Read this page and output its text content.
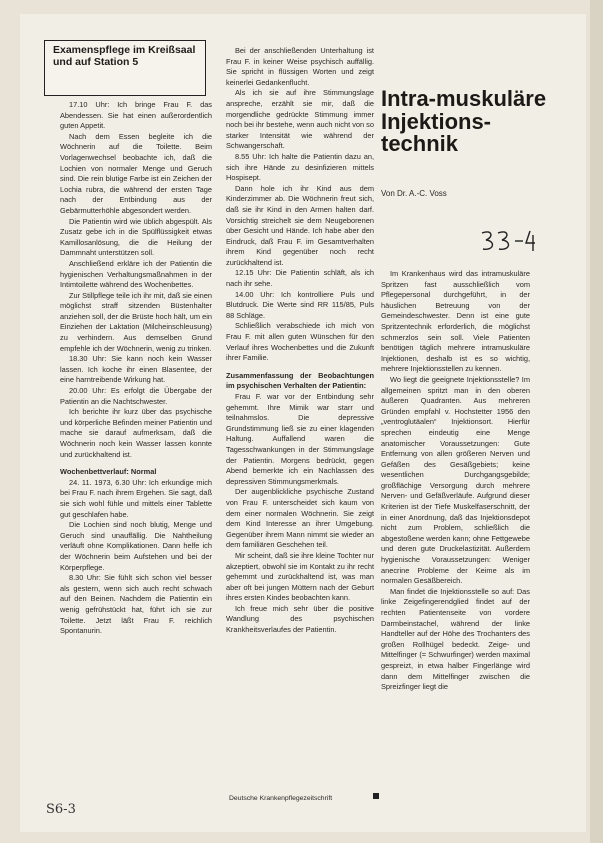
Examenspflege im Kreißsaal und auf Station 5

17.10 Uhr: Ich bringe Frau F. das Abendessen. Sie hat einen außerordentlich guten Appetit.

Nach dem Essen begleite ich die Wöchnerin auf die Toilette. Beim Vorlagenwechsel beobachte ich, daß die Lochien von normaler Menge und Geruch sind. Die rein blutige Farbe ist ein Zeichen der Lochia rubra, die während der ersten Tage nach der Entbindung aus der Gebärmutterhöhle abgesondert werden.

Die Patientin wird wie üblich abgespült. Als Zusatz gebe ich in die Spülflüssigkeit etwas Kamillosanlösung, die die Heilung der Dammnaht unterstützen soll.

Anschließend erkläre ich der Patientin die hygienischen Verhaltungsmaßnahmen in der Intimtoilette während des Wochenbettes.

Zur Stillpflege teile ich ihr mit, daß sie einen möglichst straff sitzenden Büstenhalter anziehen soll, der die Brüste hoch hält, um ein Einziehen der Laktation (Milcheinschleusung) zu verhindern. Aus demselben Grund empfehle ich der Wöchnerin, wenig zu trinken.

18.30 Uhr: Sie kann noch kein Wasser lassen. Ich koche ihr einen Blasentee, der eine harntreibende Wirkung hat.

20.00 Uhr: Es erfolgt die Übergabe der Patientin an die Nachtschwester.

Ich berichte ihr kurz über das psychische und körperliche Befinden meiner Patientin und mache sie darauf aufmerksam, daß die Wöchnerin noch kein Wasser lassen konnte und zurückhaltend ist.

Wochenbettverlauf: Normal

24. 11. 1973, 6.30 Uhr: Ich erkundige mich bei Frau F. nach ihrem Ergehen. Sie sagt, daß sie sich wohl fühle und mittels einer Tablette gut geschlafen habe.

Die Lochien sind noch blutig, Menge und Geruch sind unauffällig. Die Nahtheilung verläuft ohne Komplikationen. Dann helfe ich der Wöchnerin beim Aufstehen und bei der Körperpflege.

8.30 Uhr: Sie fühlt sich schon viel besser als gestern, wenn sich auch recht schwach auf den Beinen. Nachdem die Patientin ein wenig gefrühstückt hat, führt ich sie zur Toilette. Jetzt läßt Frau F. reichlich Spontanurin.

Bei der anschließenden Unterhaltung ist Frau F. in keiner Weise psychisch auffällig. Sie spricht in flüssigen Worten und zeigt keinerlei Gedankenflucht.

Als ich sie auf ihre Stimmungslage anspreche, erzählt sie mir, daß die morgendliche gedrückte Stimmung immer noch bei ihr bestehe, wenn auch nicht von so starker Intensität wie während der Schwangerschaft.

8.55 Uhr: Ich halte die Patientin dazu an, sich ihre Hände zu desinfizieren mittels Hospisept.

Dann hole ich ihr Kind aus dem Kinderzimmer ab. Die Wöchnerin freut sich, daß sie ihr Kind in den Armen halten darf. Vorsichtig streichelt sie dem Neugeborenen über Gesicht und Hände. Ich habe aber den Eindruck, daß Frau F. im Gesamtverhalten ihrem Kind gegenüber noch recht zurückhaltend ist.

12.15 Uhr: Die Patientin schläft, als ich nach ihr sehe.

14.00 Uhr: Ich kontrolliere Puls und Blutdruck. Die Werte sind RR 115/85, Puls 88 Schläge.

Schließlich verabschiede ich mich von Frau F. mit allen guten Wünschen für den Verlauf ihres Wochenbettes und die Zukunft ihrer Familie.

Zusammenfassung der Beobachtungen im psychischen Verhalten der Patientin:

Frau F. war vor der Entbindung sehr gehemmt. Ihre Mimik war starr und teilnahmslos. Die depressive Grundstimmung ließ sie zu einer klagenden Haltung. Auffallend waren die Tagesschwankungen in der Stimmungslage der Patientin. Morgens bedrückt, gegen Abend bemerkte ich ein Nachlassen des depressiven Stimmungsmerkmals.

Der augenblickliche psychische Zustand von Frau F. unterscheidet sich kaum von dem einer normalen Wöchnerin. Sie zeigt dem Kind Interesse an ihrer Umgebung. Gegenüber ihrem Mann nimmt sie wieder an dem familiären Geschehen teil.

Mir scheint, daß sie ihre kleine Tochter nur akzeptiert, obwohl sie im Kontakt zu ihr recht gehemmt und zurückhaltend ist, was man aber oft bei jungen Müttern nach der Geburt ihres ersten Kindes beobachten kann.

Ich freue mich sehr über die positive Wandlung des psychischen Krankheitsverlaufes der Patientin.

Intra-muskuläre Injektions-technik
Von Dr. A.-C. Voss

Im Krankenhaus wird das intramuskuläre Spritzen fast ausschließlich vom Pflegepersonal durchgeführt, in der häuslichen Betreuung von der Gemeindeschwester. Denn ist eine gute Spritzentechnik erforderlich, die möglichst schmerzlos sein soll. Viele Patienten benötigen täglich mehrere intramuskuläre Injektionen, deshalb ist es so wichtig, mehrere Injektionsstellen zu kennen.

Wo liegt die geeignete Injektionsstelle? Im allgemeinen spritzt man in den oberen äußeren Quadranten. Aus mehreren Gründen empfahl v. Hochstetter 1956 den „ventroglutäalen“ Injektionsort. Hierfür sprechen eindeutig eine Menge anatomischer Voraussetzungen: Gute Entfernung von allen größeren Nerven und Gefäßen des Gesäßgebiets; keine wesentlichen Durchgangsgebilde; großflächige Versorgung durch mehrere Nerven- und Gefäßverläufe. Aufgrund dieser Kriterien ist der Tiefe Muskelfaserschnitt, der in einer Anordnung, daß das Injektionsdepot nicht zum Problem, schließlich die abgestoßene werden kann; ohne Fettgewebe und deren gute Druckelastizität. Außerdem hygienische Voraussetzungen: Weniger anecrine Probleme der Keime als im normalen Gesäßbereich.

Man findet die Injektionsstelle so auf: Das linke Zeigefingerendglied findet auf der rechten Patientenseite von vordere Darmbeinstachel, während der linke Handteller auf der Höhe des Trochanters des großen Rollhügel bedeckt. Zeige- und Mittelfinger (= Schwurfinger) werden maximal gespreizt, in etwa halber Fingerlänge wird dann dem Mittelfinger zwischen die Spreizfinger liegt die

S6-3
Deutsche Krankenpflegezeitschrift
